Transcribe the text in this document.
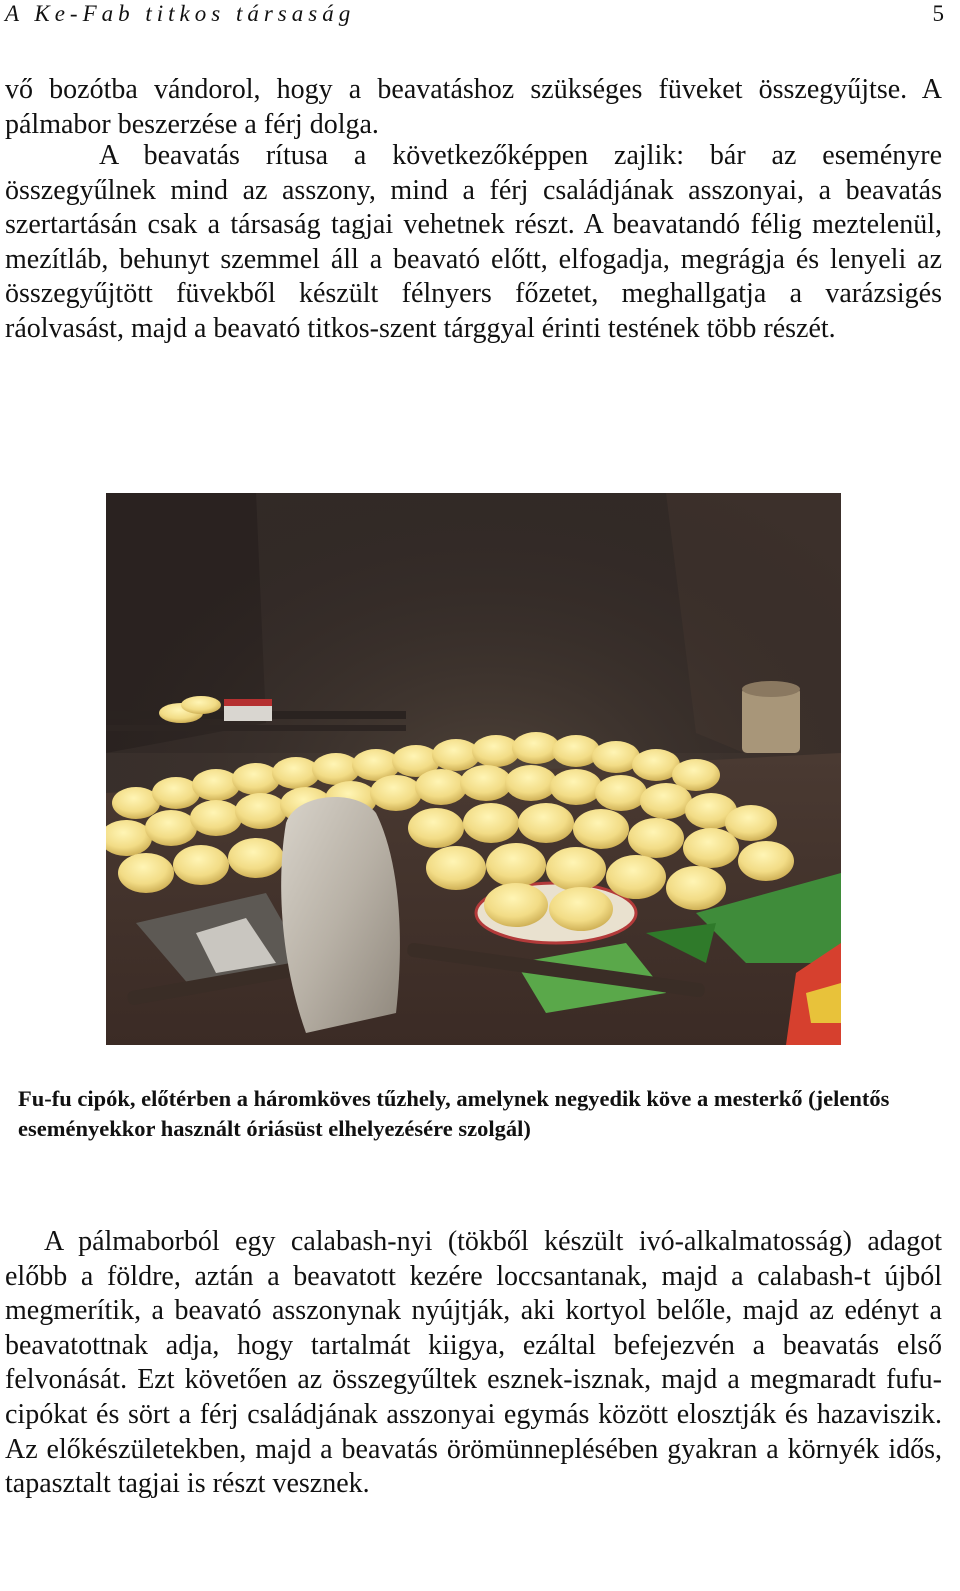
A Ke-Fab titkos társaság	5

vő bozótba vándorol, hogy a beavatáshoz szükséges füveket összegyűjtse. A pálmabor beszerzése a férj dolga.

A beavatás rítusa a következőképpen zajlik: bár az eseményre összegyűlnek mind az asszony, mind a férj családjának asszonyai, a beavatás szertartásán csak a társaság tagjai vehetnek részt. A beavatandó félig meztelenül, mezítláb, behunyt szemmel áll a beavató előtt, elfogadja, megrágja és lenyeli az összegyűjtött füvekből készült félnyers főzetet, meghallgatja a varázsigés ráolvasást, majd a beavató titkos-szent tárggyal érinti testének több részét.

Fu-fu cipók, előtérben a háromköves tűzhely, amelynek negyedik köve a mesterkő (jelentős eseményekkor használt óriásüst elhelyezésére szolgál)

A pálmaborból egy calabash-nyi (tökből készült ivó-alkalmatosság) adagot előbb a földre, aztán a beavatott kezére loccsantanak, majd a calabash-t újból megmerítik, a beavató asszonynak nyújtják, aki kortyol belőle, majd az edényt a beavatottnak adja, hogy tartalmát kiigya, ezáltal befejezvén a beavatás első felvonását. Ezt követően az összegyűltek esznek-isznak, majd a megmaradt fufu-cipókat és sört a férj családjának asszonyai egymás között elosztják és hazaviszik. Az előkészületekben, majd a beavatás örömünneplésében gyakran a környék idős, tapasztalt tagjai is részt vesznek.
